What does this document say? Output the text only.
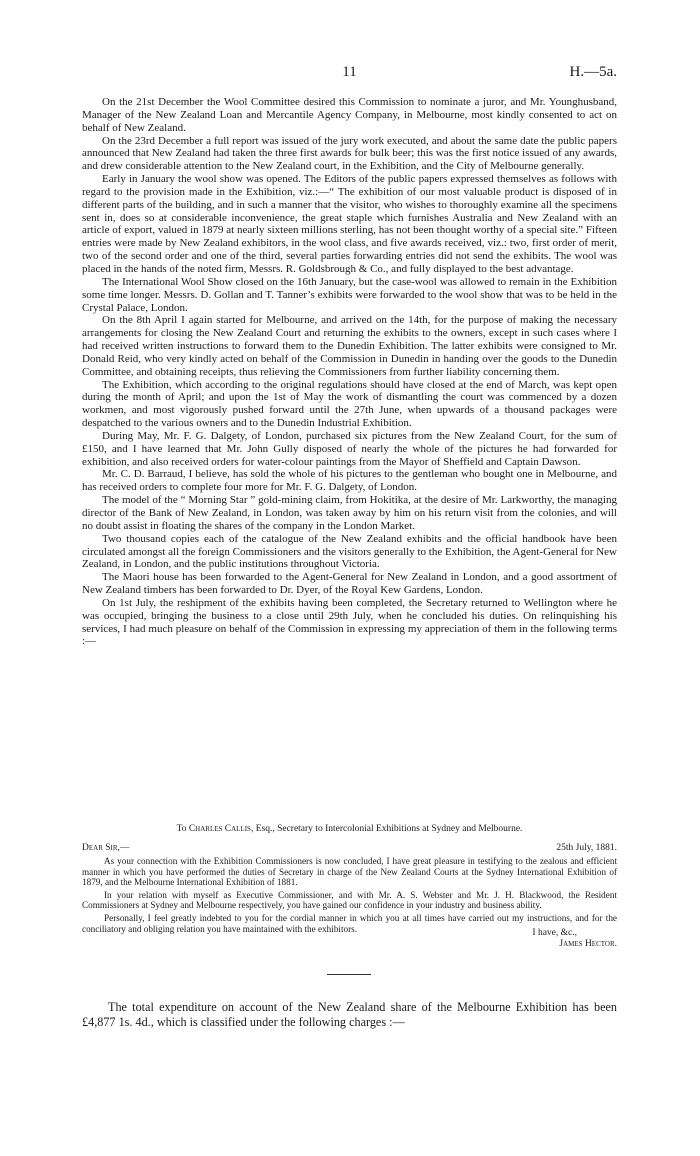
11	H.—5a.

On the 21st December the Wool Committee desired this Commission to nominate a juror, and Mr. Younghusband, Manager of the New Zealand Loan and Mercantile Agency Company, in Melbourne, most kindly consented to act on behalf of New Zealand.

On the 23rd December a full report was issued of the jury work executed, and about the same date the public papers announced that New Zealand had taken the three first awards for bulk beer; this was the first notice issued of any awards, and drew considerable attention to the New Zealand court, in the Exhibition, and the City of Melbourne generally.

Early in January the wool show was opened. The Editors of the public papers expressed themselves as follows with regard to the provision made in the Exhibition, viz.:—“ The exhibition of our most valuable product is disposed of in different parts of the building, and in such a manner that the visitor, who wishes to thoroughly examine all the specimens sent in, does so at considerable inconvenience, the great staple which furnishes Australia and New Zealand with an article of export, valued in 1879 at nearly sixteen millions sterling, has not been thought worthy of a special site.” Fifteen entries were made by New Zealand exhibitors, in the wool class, and five awards received, viz.: two, first order of merit, two of the second order and one of the third, several parties forwarding entries did not send the exhibits. The wool was placed in the hands of the noted firm, Messrs. R. Goldsbrough & Co., and fully displayed to the best advantage.

The International Wool Show closed on the 16th January, but the case-wool was allowed to remain in the Exhibition some time longer. Messrs. D. Gollan and T. Tanner’s exhibits were forwarded to the wool show that was to be held in the Crystal Palace, London.

On the 8th April I again started for Melbourne, and arrived on the 14th, for the purpose of making the necessary arrangements for closing the New Zealand Court and returning the exhibits to the owners, except in such cases where I had received written instructions to forward them to the Dunedin Exhibition. The latter exhibits were consigned to Mr. Donald Reid, who very kindly acted on behalf of the Commission in Dunedin in handing over the goods to the Dunedin Committee, and obtaining receipts, thus relieving the Commissioners from further liability concerning them.

The Exhibition, which according to the original regulations should have closed at the end of March, was kept open during the month of April; and upon the 1st of May the work of dismantling the court was commenced by a dozen workmen, and most vigorously pushed forward until the 27th June, when upwards of a thousand packages were despatched to the various owners and to the Dunedin Industrial Exhibition.

During May, Mr. F. G. Dalgety, of London, purchased six pictures from the New Zealand Court, for the sum of £150, and I have learned that Mr. John Gully disposed of nearly the whole of the pictures he had forwarded for exhibition, and also received orders for water-colour paintings from the Mayor of Sheffield and Captain Dawson.

Mr. C. D. Barraud, I believe, has sold the whole of his pictures to the gentleman who bought one in Melbourne, and has received orders to complete four more for Mr. F. G. Dalgety, of London.

The model of the “ Morning Star ” gold-mining claim, from Hokitika, at the desire of Mr. Larkworthy, the managing director of the Bank of New Zealand, in London, was taken away by him on his return visit from the colonies, and will no doubt assist in floating the shares of the company in the London Market.

Two thousand copies each of the catalogue of the New Zealand exhibits and the official handbook have been circulated amongst all the foreign Commissioners and the visitors generally to the Exhibition, the Agent-General for New Zealand, in London, and the public institutions throughout Victoria.

The Maori house has been forwarded to the Agent-General for New Zealand in London, and a good assortment of New Zealand timbers has been forwarded to Dr. Dyer, of the Royal Kew Gardens, London.

On 1st July, the reshipment of the exhibits having been completed, the Secretary returned to Wellington where he was occupied, bringing the business to a close until 29th July, when he concluded his duties. On relinquishing his services, I had much pleasure on behalf of the Commission in expressing my appreciation of them in the following terms :—

To Charles Callis, Esq., Secretary to Intercolonial Exhibitions at Sydney and Melbourne.
Dear Sir,—	25th July, 1881.

As your connection with the Exhibition Commissioners is now concluded, I have great pleasure in testifying to the zealous and efficient manner in which you have performed the duties of Secretary in charge of the New Zealand Courts at the Sydney International Exhibition of 1879, and the Melbourne International Exhibition of 1881.

In your relation with myself as Executive Commissioner, and with Mr. A. S. Webster and Mr. J. H. Blackwood, the Resident Commissioners at Sydney and Melbourne respectively, you have gained our confidence in your industry and business ability.

Personally, I feel greatly indebted to you for the cordial manner in which you at all times have carried out my instructions, and for the conciliatory and obliging relation you have maintained with the exhibitors.	I have, &c.,
James Hector.

The total expenditure on account of the New Zealand share of the Melbourne Exhibition has been £4,877 1s. 4d., which is classified under the following charges :—
